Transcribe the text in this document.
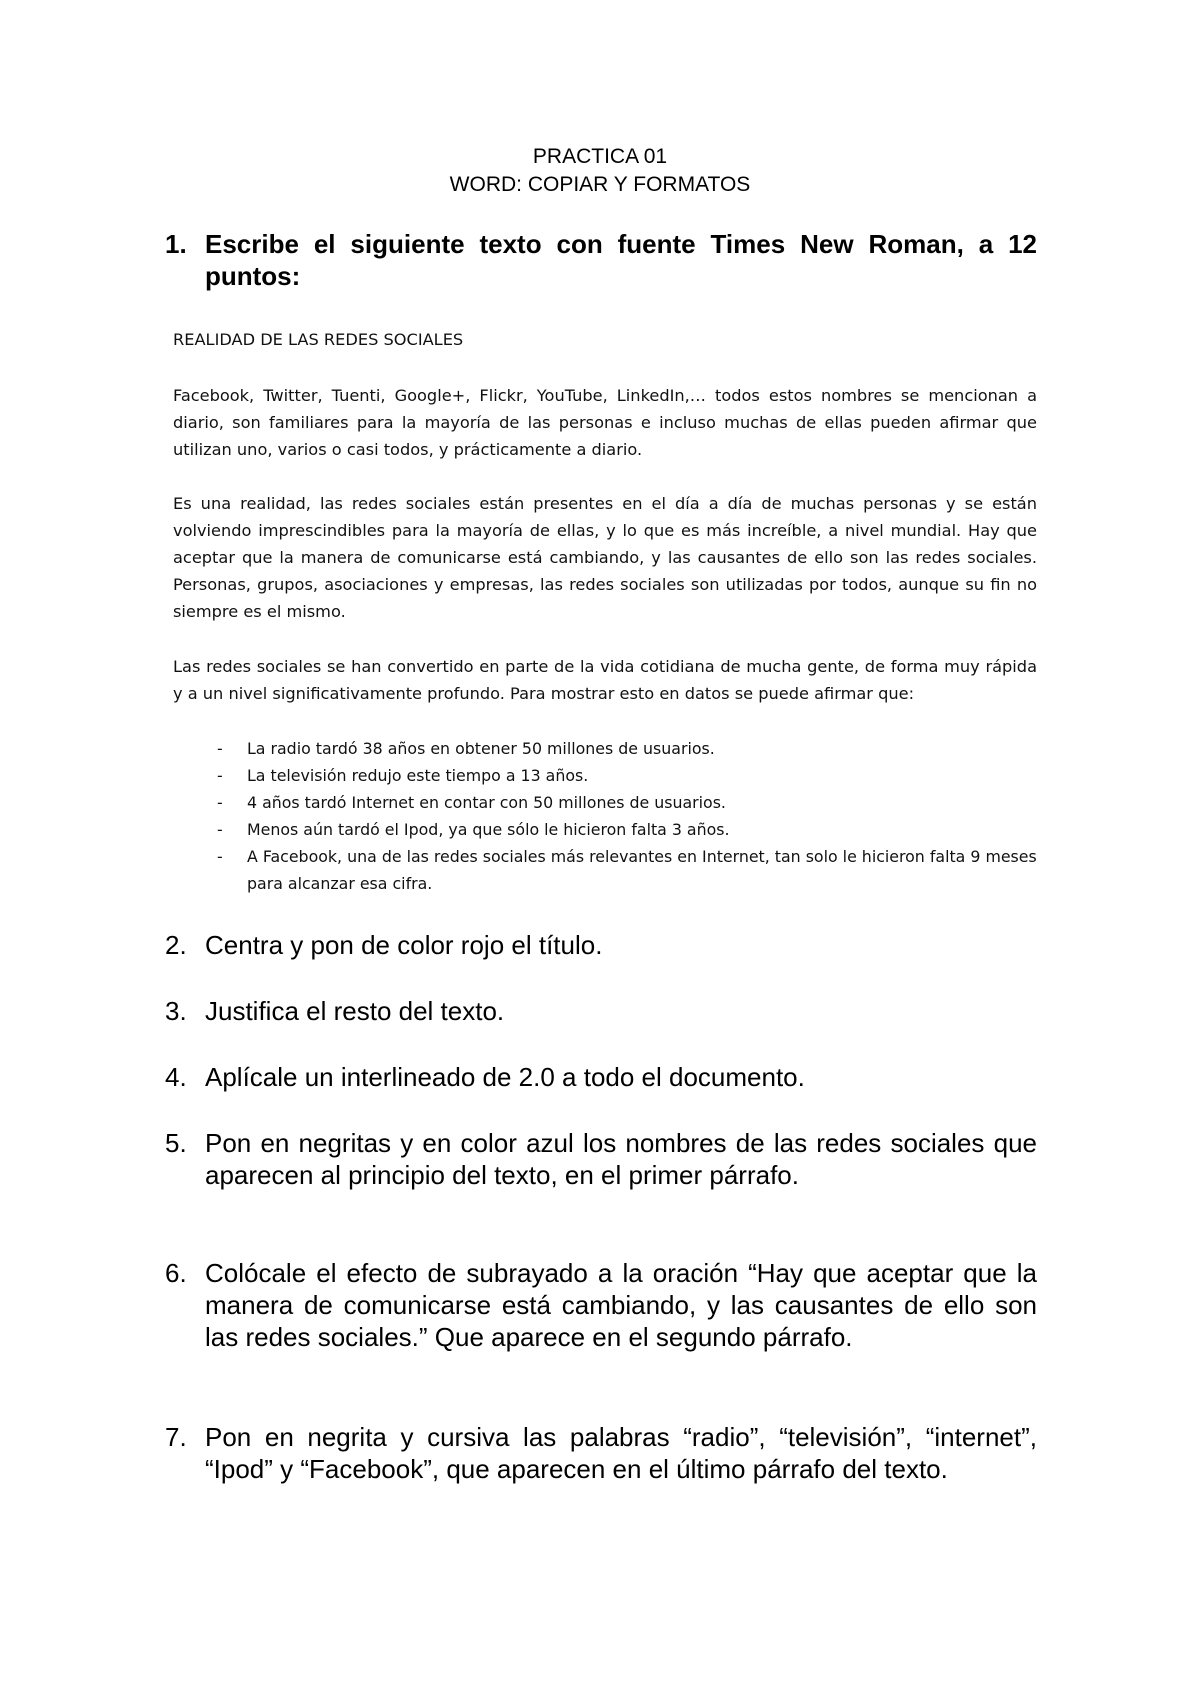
PRACTICA 01
WORD: COPIAR Y FORMATOS
1. Escribe el siguiente texto con fuente Times New Roman, a 12 puntos:
REALIDAD DE LAS REDES SOCIALES
Facebook, Twitter, Tuenti, Google+, Flickr, YouTube, LinkedIn,… todos estos nombres se mencionan a diario, son familiares para la mayoría de las personas e incluso muchas de ellas pueden afirmar que utilizan uno, varios o casi todos, y prácticamente a diario.
Es una realidad, las redes sociales están presentes en el día a día de muchas personas y se están volviendo imprescindibles para la mayoría de ellas, y lo que es más increíble, a nivel mundial. Hay que aceptar que la manera de comunicarse está cambiando, y las causantes de ello son las redes sociales. Personas, grupos, asociaciones y empresas, las redes sociales son utilizadas por todos, aunque su fin no siempre es el mismo.
Las redes sociales se han convertido en parte de la vida cotidiana de mucha gente, de forma muy rápida y a un nivel significativamente profundo. Para mostrar esto en datos se puede afirmar que:
- La radio tardó 38 años en obtener 50 millones de usuarios.
- La televisión redujo este tiempo a 13 años.
- 4 años tardó Internet en contar con 50 millones de usuarios.
- Menos aún tardó el Ipod, ya que sólo le hicieron falta 3 años.
- A Facebook, una de las redes sociales más relevantes en Internet, tan solo le hicieron falta 9 meses para alcanzar esa cifra.
2. Centra y pon de color rojo el título.
3. Justifica el resto del texto.
4. Aplícale un interlineado de 2.0 a todo el documento.
5. Pon en negritas y en color azul los nombres de las redes sociales que aparecen al principio del texto, en el primer párrafo.
6. Colócale el efecto de subrayado a la oración “Hay que aceptar que la manera de comunicarse está cambiando, y las causantes de ello son las redes sociales.” Que aparece en el segundo párrafo.
7. Pon en negrita y cursiva las palabras “radio”, “televisión”, “internet”, “Ipod” y “Facebook”, que aparecen en el último párrafo del texto.
